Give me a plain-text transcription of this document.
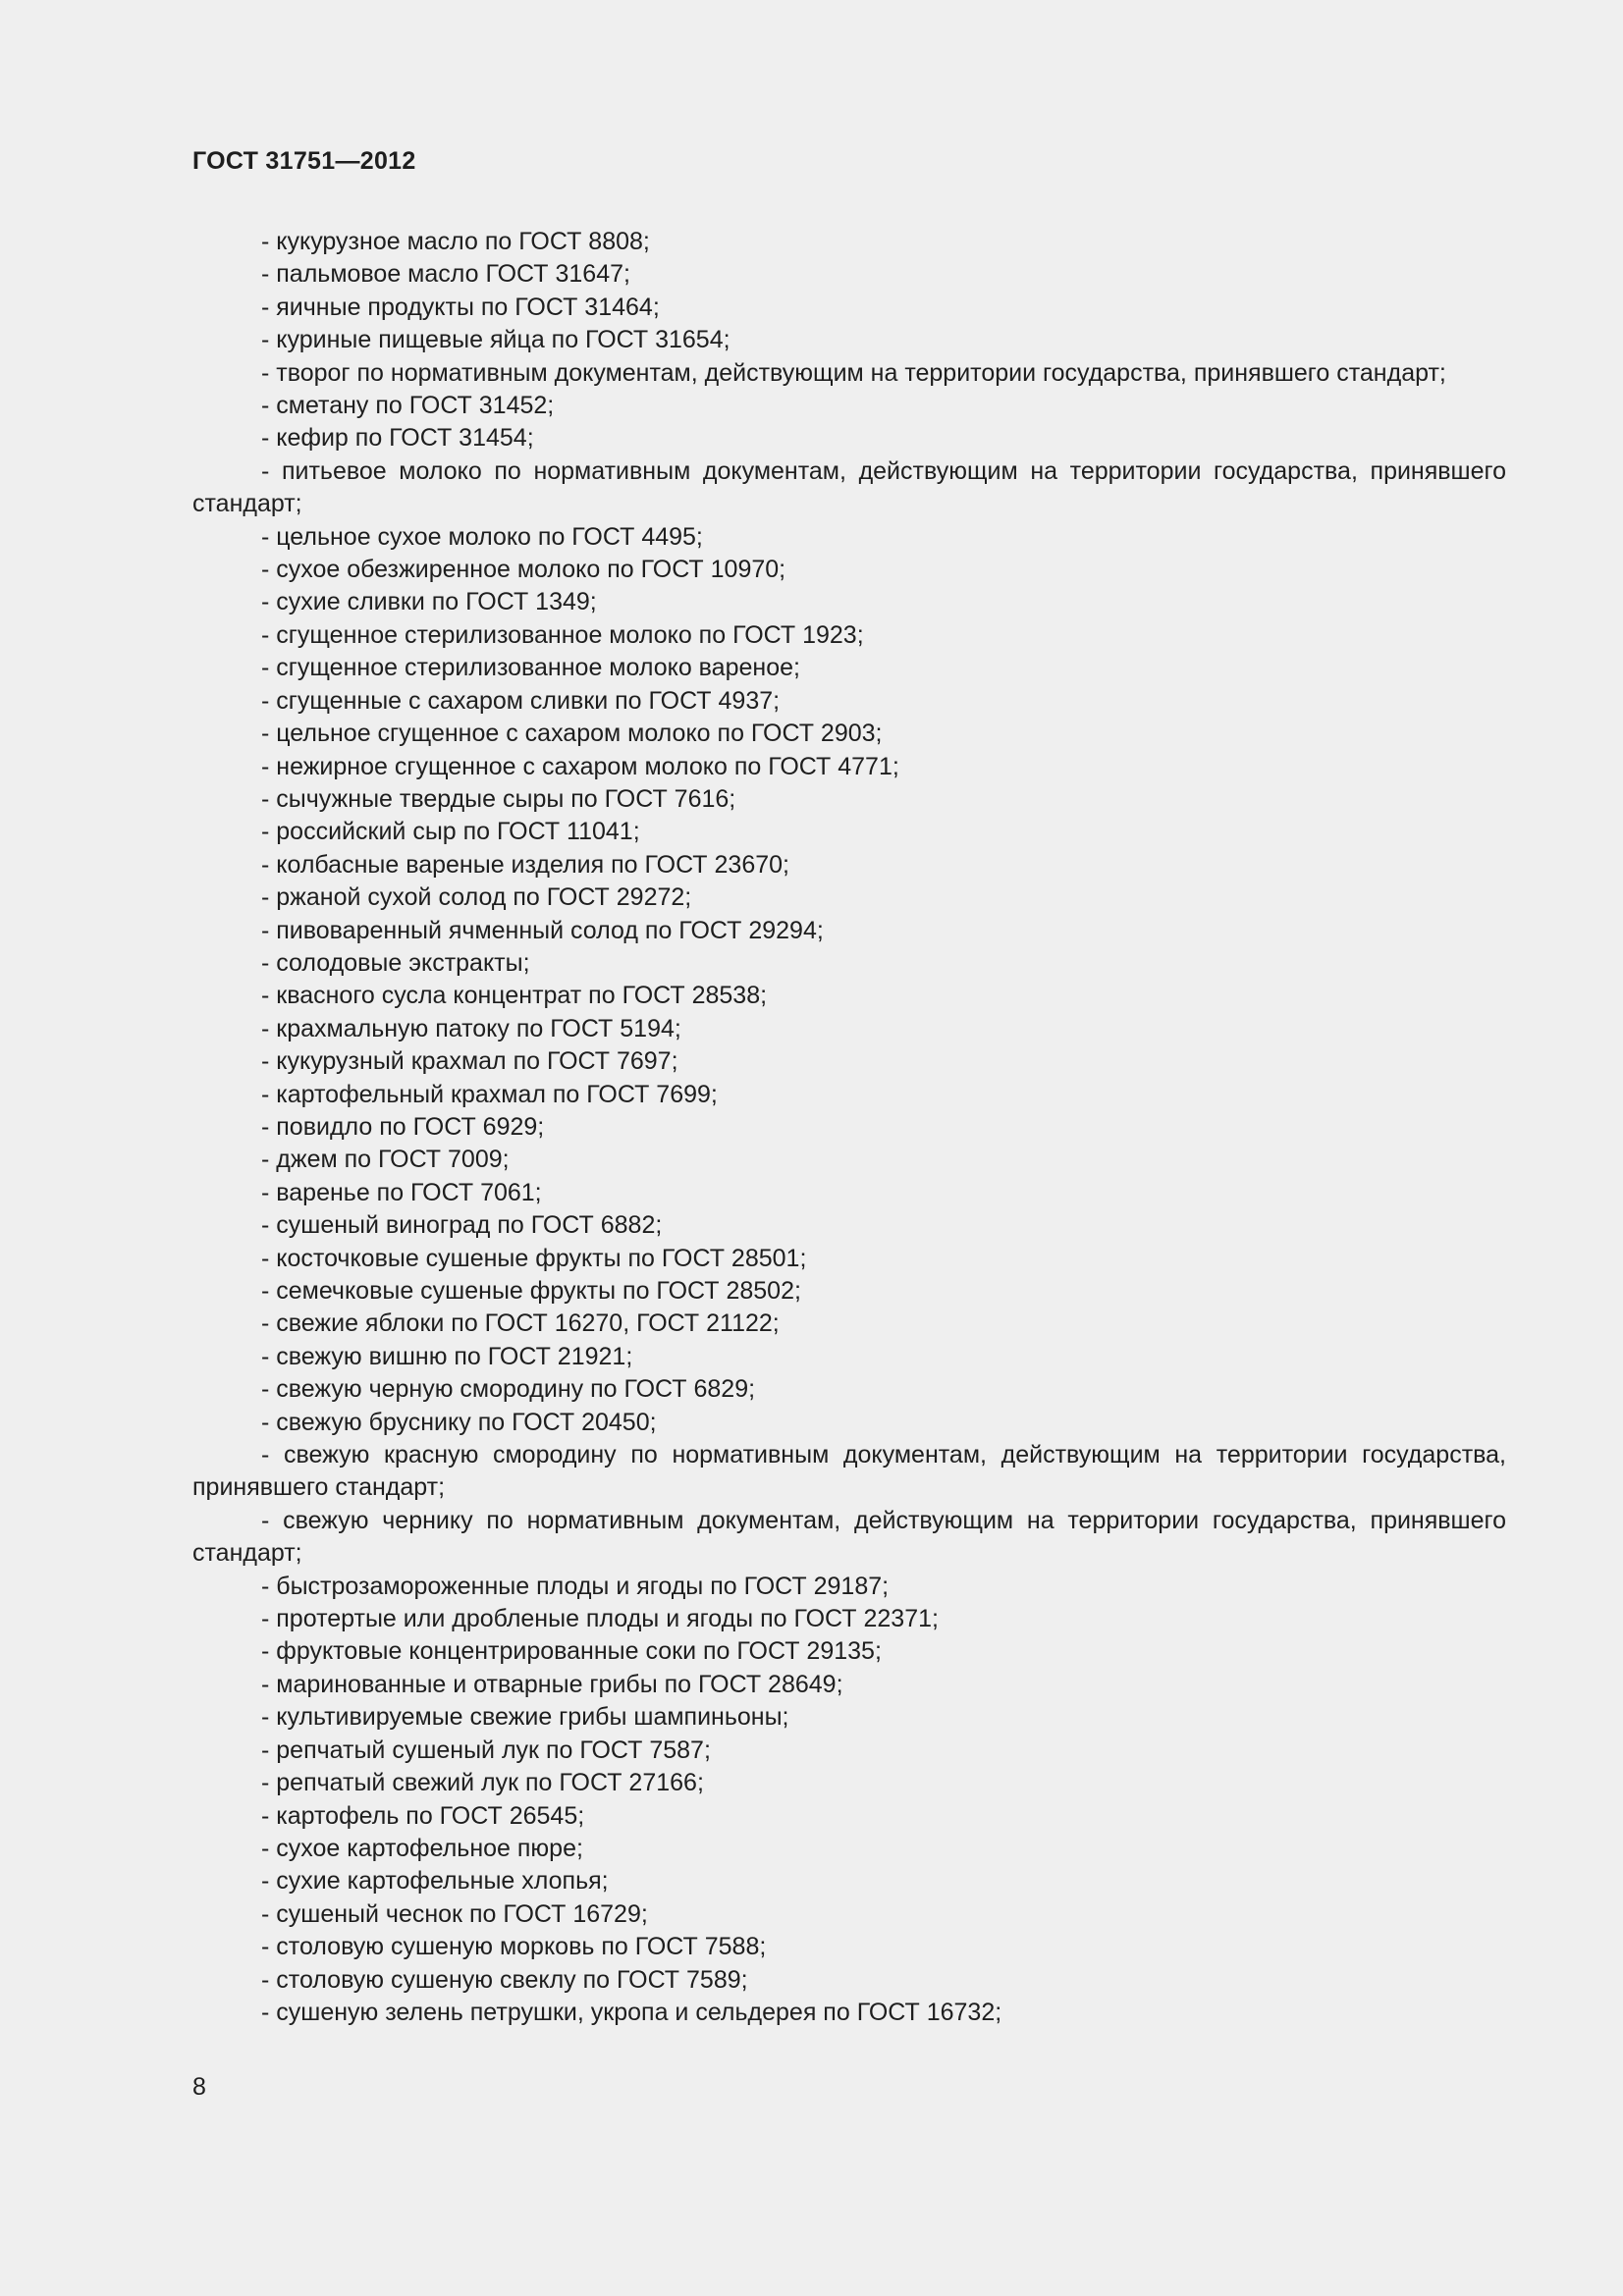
ГОСТ 31751—2012

- кукурузное масло по ГОСТ 8808;

- пальмовое масло ГОСТ 31647;

- яичные продукты по ГОСТ 31464;

- куриные пищевые яйца по ГОСТ 31654;

- творог по нормативным документам, действующим на территории государства, принявшего стандарт;

- сметану по ГОСТ 31452;

- кефир по ГОСТ 31454;

- питьевое молоко по нормативным документам, действующим на территории государства, принявшего стандарт;

- цельное сухое молоко по ГОСТ 4495;

- сухое обезжиренное молоко по ГОСТ 10970;

- сухие сливки по ГОСТ 1349;

- сгущенное стерилизованное молоко по ГОСТ 1923;

- сгущенное стерилизованное молоко вареное;

- сгущенные с сахаром сливки по ГОСТ 4937;

- цельное сгущенное с сахаром молоко по ГОСТ 2903;

- нежирное сгущенное с сахаром молоко по ГОСТ 4771;

- сычужные твердые сыры по ГОСТ 7616;

- российский сыр по ГОСТ 11041;

- колбасные вареные изделия по ГОСТ 23670;

- ржаной сухой солод по ГОСТ 29272;

- пивоваренный ячменный солод по ГОСТ 29294;

- солодовые экстракты;

- квасного сусла концентрат по ГОСТ 28538;

- крахмальную патоку по ГОСТ 5194;

- кукурузный крахмал по ГОСТ 7697;

- картофельный крахмал по ГОСТ 7699;

- повидло по ГОСТ 6929;

- джем по ГОСТ 7009;

- варенье по ГОСТ 7061;

- сушеный виноград по ГОСТ 6882;

- косточковые сушеные фрукты по ГОСТ 28501;

- семечковые сушеные фрукты по ГОСТ 28502;

- свежие яблоки по ГОСТ 16270, ГОСТ 21122;

- свежую вишню по ГОСТ 21921;

- свежую черную смородину по ГОСТ 6829;

- свежую бруснику по ГОСТ 20450;

- свежую красную смородину по нормативным документам, действующим на территории государства, принявшего стандарт;

- свежую чернику по нормативным документам, действующим на территории государства, принявшего стандарт;

- быстрозамороженные плоды и ягоды по ГОСТ 29187;

- протертые или дробленые плоды и ягоды по ГОСТ 22371;

- фруктовые концентрированные соки по ГОСТ 29135;

- маринованные и отварные грибы по ГОСТ 28649;

- культивируемые свежие грибы шампиньоны;

- репчатый сушеный лук по ГОСТ 7587;

- репчатый свежий лук по ГОСТ 27166;

- картофель по ГОСТ 26545;

- сухое картофельное пюре;

- сухие картофельные хлопья;

- сушеный чеснок по ГОСТ 16729;

- столовую сушеную морковь по ГОСТ 7588;

- столовую сушеную свеклу по ГОСТ 7589;

- сушеную зелень петрушки, укропа и сельдерея по ГОСТ 16732;

8
